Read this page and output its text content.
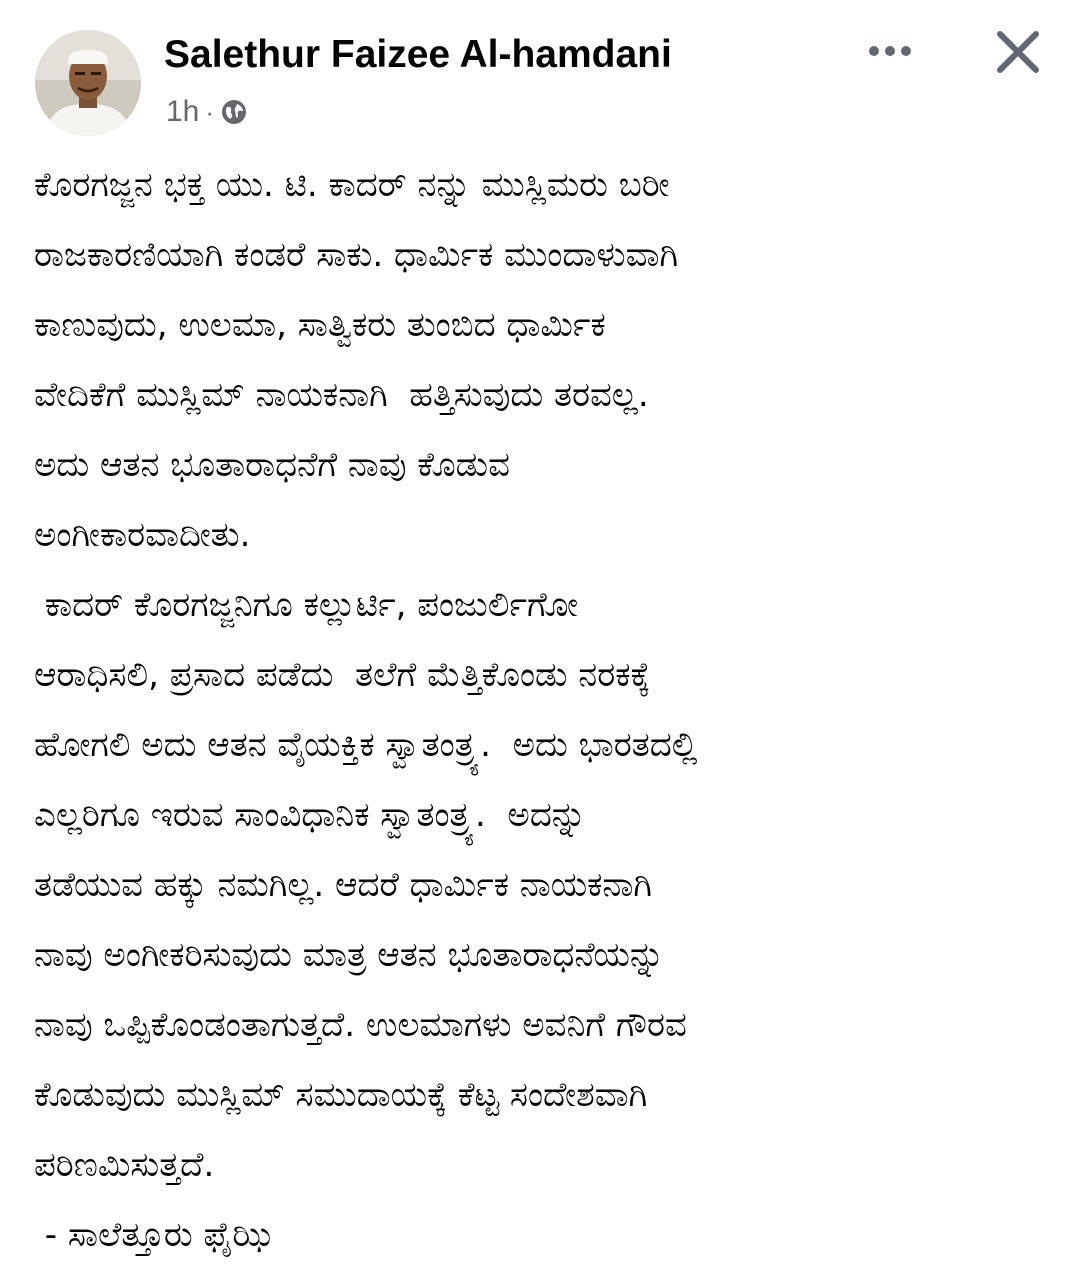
Salethur Faizee Al-hamdani
1h ·
ಕೊರಗಜ್ಜನ ಭಕ್ತ ಯು. ಟಿ. ಕಾದರ್ ನನ್ನು ಮುಸ್ಲಿಮರು ಬರೀ
ರಾಜಕಾರಣಿಯಾಗಿ ಕಂಡರೆ ಸಾಕು. ಧಾರ್ಮಿಕ ಮುಂದಾಳುವಾಗಿ
ಕಾಣುವುದು, ಉಲಮಾ, ಸಾತ್ವಿಕರು ತುಂಬಿದ ಧಾರ್ಮಿಕ
ವೇದಿಕೆಗೆ ಮುಸ್ಲಿಮ್ ನಾಯಕನಾಗಿ  ಹತ್ತಿಸುವುದು ತರವಲ್ಲ.
ಅದು ಆತನ ಭೂತಾರಾಧನೆಗೆ ನಾವು ಕೊಡುವ
ಅಂಗೀಕಾರವಾದೀತು.
ಕಾದರ್ ಕೊರಗಜ್ಜನಿಗೂ ಕಲ್ಲುರ್ಟಿ, ಪಂಜುರ್ಲಿಗೋ
ಆರಾಧಿಸಲಿ, ಪ್ರಸಾದ ಪಡೆದು  ತಲೆಗೆ ಮೆತ್ತಿಕೊಂಡು ನರಕಕ್ಕೆ
ಹೋಗಲಿ ಅದು ಆತನ ವೈಯಕ್ತಿಕ ಸ್ವಾತಂತ್ರ್ಯ.  ಅದು ಭಾರತದಲ್ಲಿ
ಎಲ್ಲರಿಗೂ ಇರುವ ಸಾಂವಿಧಾನಿಕ ಸ್ವಾತಂತ್ರ್ಯ.  ಅದನ್ನು
ತಡೆಯುವ ಹಕ್ಕು ನಮಗಿಲ್ಲ. ಆದರೆ ಧಾರ್ಮಿಕ ನಾಯಕನಾಗಿ
ನಾವು ಅಂಗೀಕರಿಸುವುದು ಮಾತ್ರ ಆತನ ಭೂತಾರಾಧನೆಯನ್ನು
ನಾವು ಒಪ್ಪಿಕೊಂಡಂತಾಗುತ್ತದೆ. ಉಲಮಾಗಳು ಅವನಿಗೆ ಗೌರವ
ಕೊಡುವುದು ಮುಸ್ಲಿಮ್ ಸಮುದಾಯಕ್ಕೆ ಕೆಟ್ಟ ಸಂದೇಶವಾಗಿ
ಪರಿಣಮಿಸುತ್ತದೆ.
- ಸಾಲೆತ್ತೂರು ಫೈಝಿ
